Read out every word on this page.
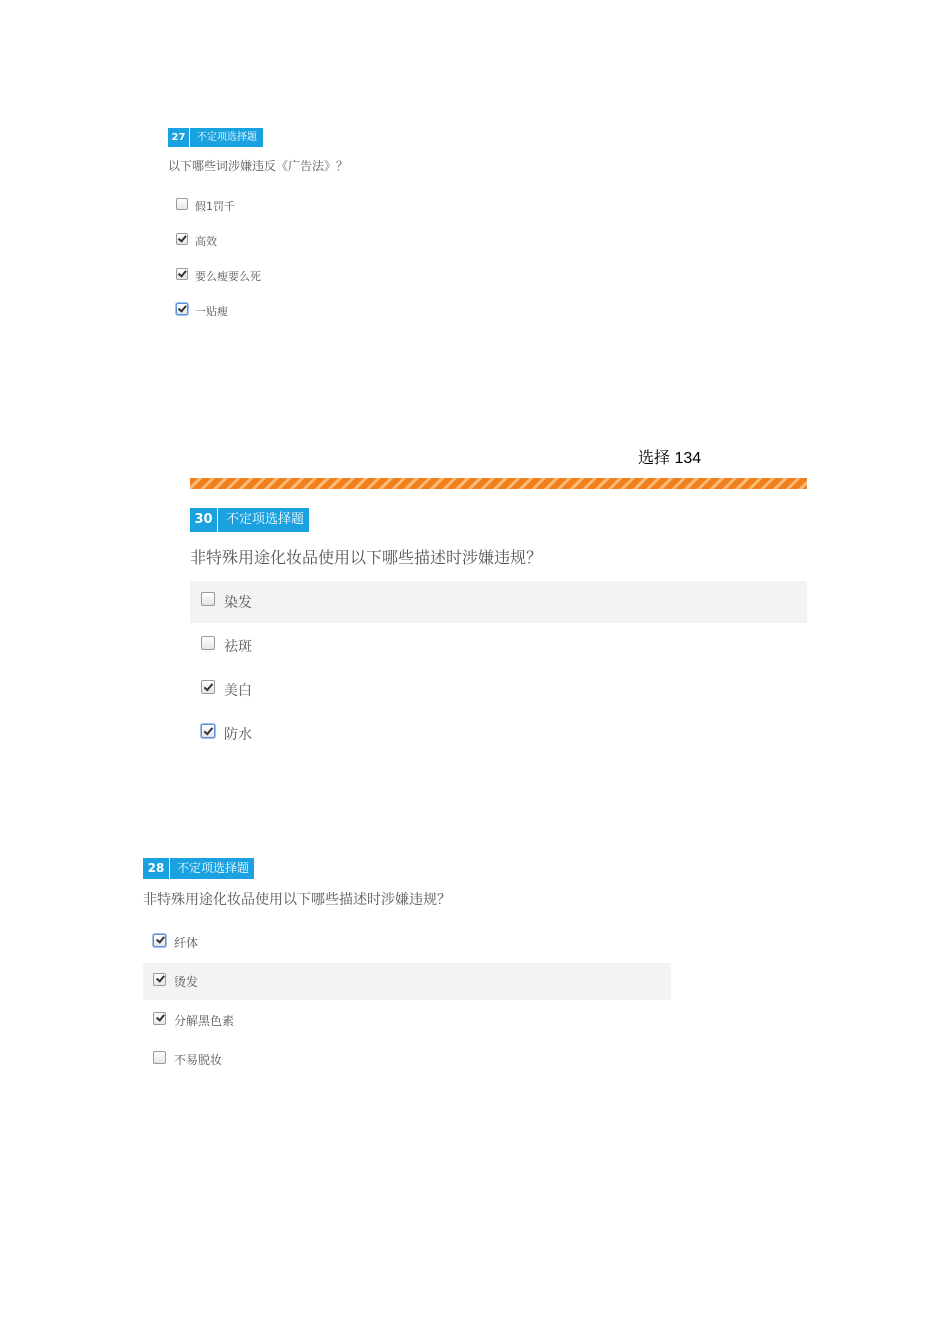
27	不定项选择题
以下哪些词涉嫌违反《广告法》？
假1罚千
高效
要么瘦要么死
一贴瘦
选择 134
30	不定项选择题
非特殊用途化妆品使用以下哪些描述时涉嫌违规？
染发
祛斑
美白
防水
28	不定项选择题
非特殊用途化妆品使用以下哪些描述时涉嫌违规？
纤体
烫发
分解黑色素
不易脱妆
